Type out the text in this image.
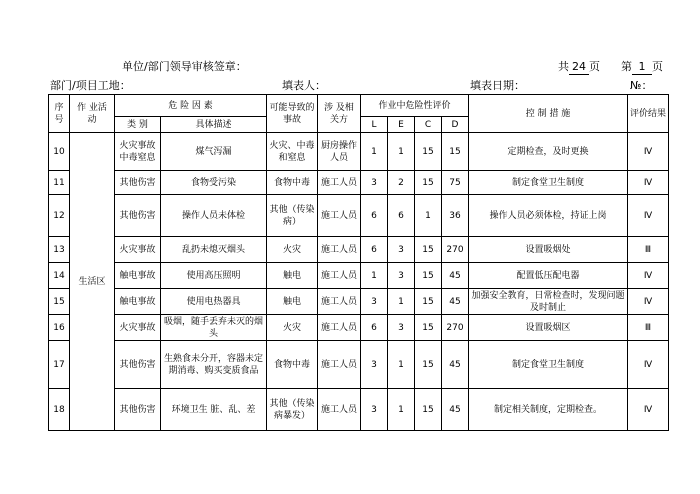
单位/部门领导审核签章：	共 24 页 第 1 页
部门/项目工地：	填表人：	填表日期：	№：
序号	作 业活 动	危 险 因 素		可能导致的事故	涉 及相关方	作业中危险性评价				控 制 措 施	评价结果
		类 别	具体描述			L	E	C	D		
10	生活区	火灾事故中毒窒息	煤气泻漏	火灾、中毒和窒息	厨房操作人员	1	1	15	15	定期检查，及时更换	Ⅳ
11		其他伤害	食物受污染	食物中毒	施工人员	3	2	15	75	制定食堂卫生制度	Ⅳ
12		其他伤害	操作人员未体检	其他（传染病）	施工人员	6	6	1	36	操作人员必须体检，持证上岗	Ⅳ
13		火灾事故	乱扔未熄灭烟头	火灾	施工人员	6	3	15	270	设置吸烟处	Ⅲ
14		触电事故	使用高压照明	触电	施工人员	1	3	15	45	配置低压配电器	Ⅳ
15		触电事故	使用电热器具	触电	施工人员	3	1	15	45	加强安全教育，日常检查时，发现问题及时制止	Ⅳ
16		火灾事故	吸烟，随手丢弃未灭的烟头	火灾	施工人员	6	3	15	270	设置吸烟区	Ⅲ
17		其他伤害	生熟食未分开，容器未定期消毒、购买变质食品	食物中毒	施工人员	3	1	15	45	制定食堂卫生制度	Ⅳ
18		其他伤害	环境卫生 脏、乱、差	其他（传染病暴发）	施工人员	3	1	15	45	制定相关制度，定期检查。	Ⅳ
